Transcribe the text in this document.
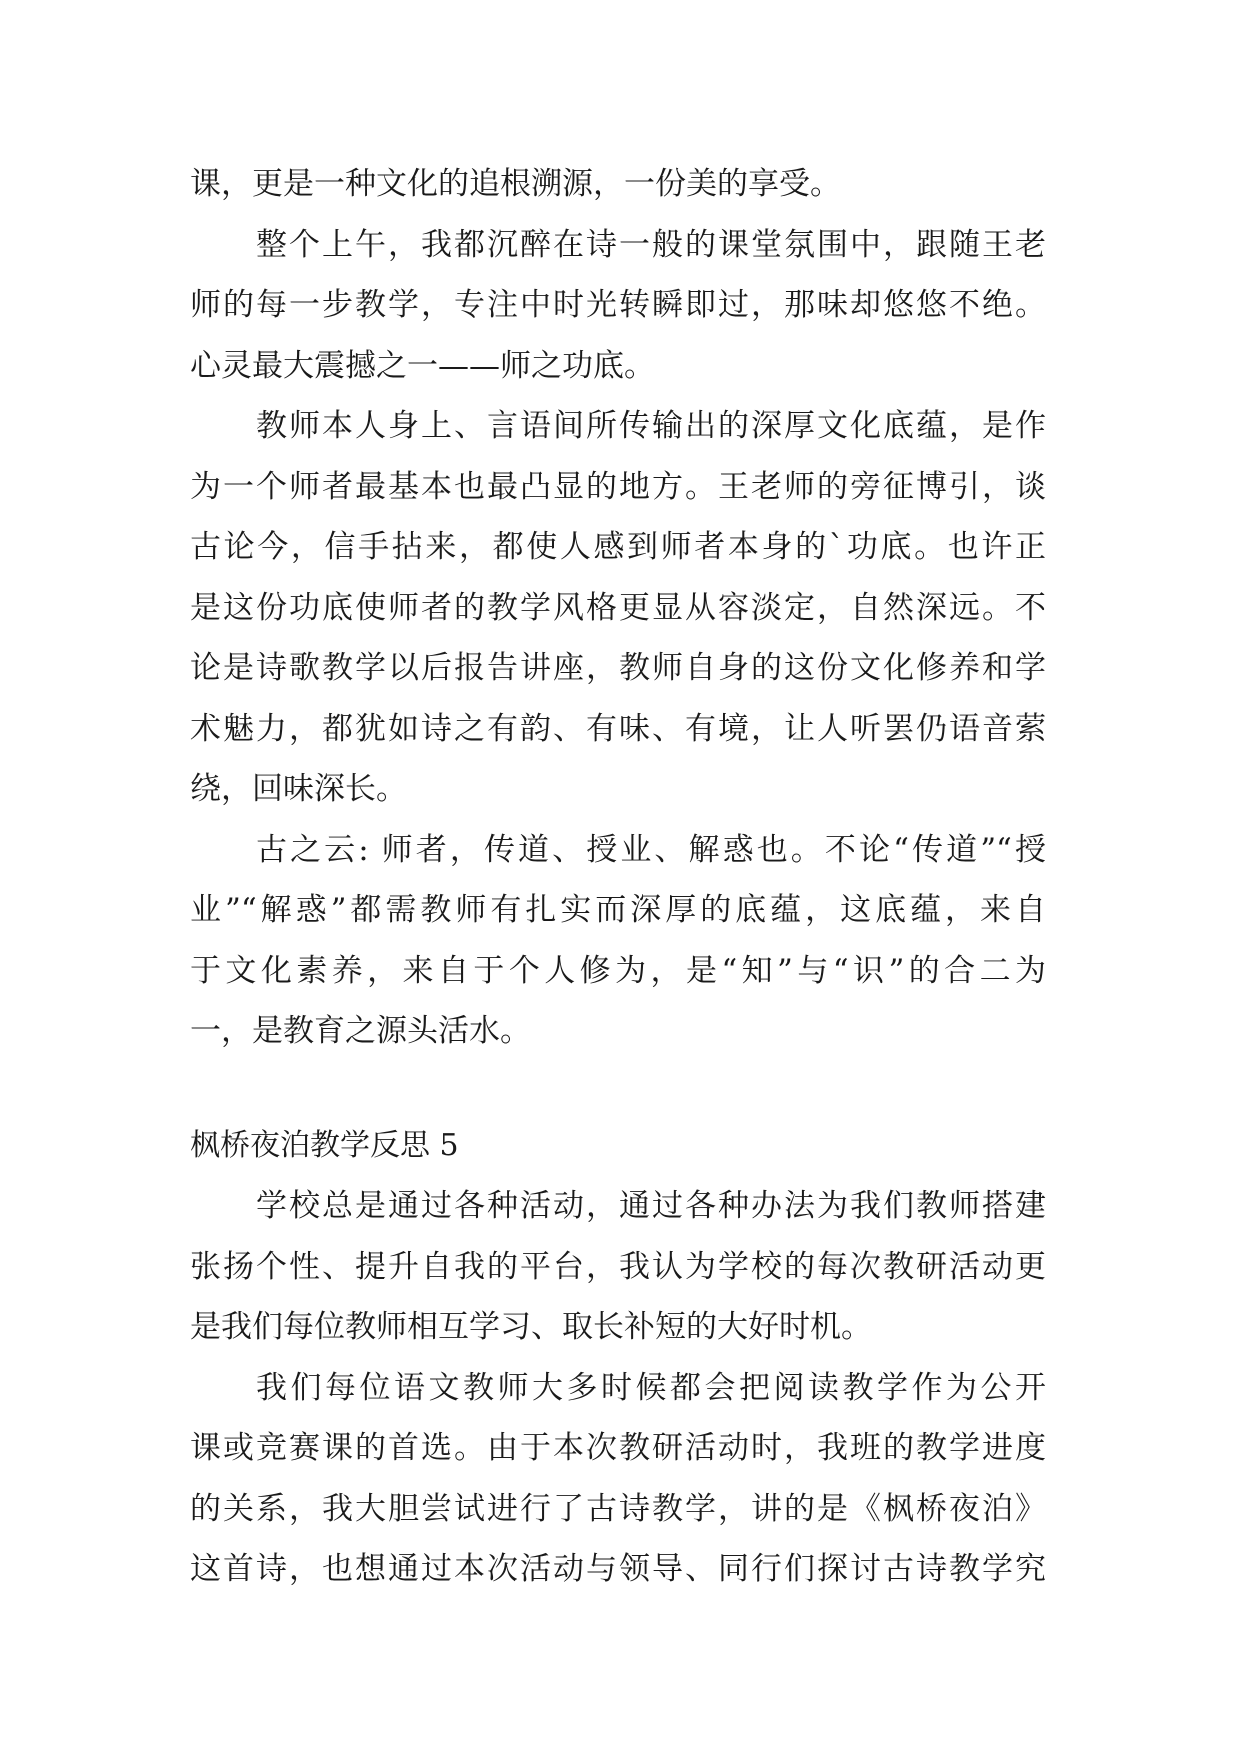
课，更是一种文化的追根溯源，一份美的享受。
整个上午，我都沉醉在诗一般的课堂氛围中，跟随王老
师的每一步教学，专注中时光转瞬即过，那味却悠悠不绝。
心灵最大震撼之一——师之功底。
教师本人身上、言语间所传输出的深厚文化底蕴，是作
为一个师者最基本也最凸显的地方。王老师的旁征博引，谈
古论今，信手拈来，都使人感到师者本身的`功底。也许正
是这份功底使师者的教学风格更显从容淡定，自然深远。不
论是诗歌教学以后报告讲座，教师自身的这份文化修养和学
术魅力，都犹如诗之有韵、有味、有境，让人听罢仍语音萦
绕，回味深长。
古之云: 师者，传道、授业、解惑也。不论“传道”“授
业”“解惑”都需教师有扎实而深厚的底蕴，这底蕴，来自
于文化素养，来自于个人修为，是“知”与“识”的合二为
一，是教育之源头活水。
枫桥夜泊教学反思 5
学校总是通过各种活动，通过各种办法为我们教师搭建
张扬个性、提升自我的平台，我认为学校的每次教研活动更
是我们每位教师相互学习、取长补短的大好时机。
我们每位语文教师大多时候都会把阅读教学作为公开
课或竞赛课的首选。由于本次教研活动时，我班的教学进度
的关系，我大胆尝试进行了古诗教学，讲的是《枫桥夜泊》
这首诗，也想通过本次活动与领导、同行们探讨古诗教学究
